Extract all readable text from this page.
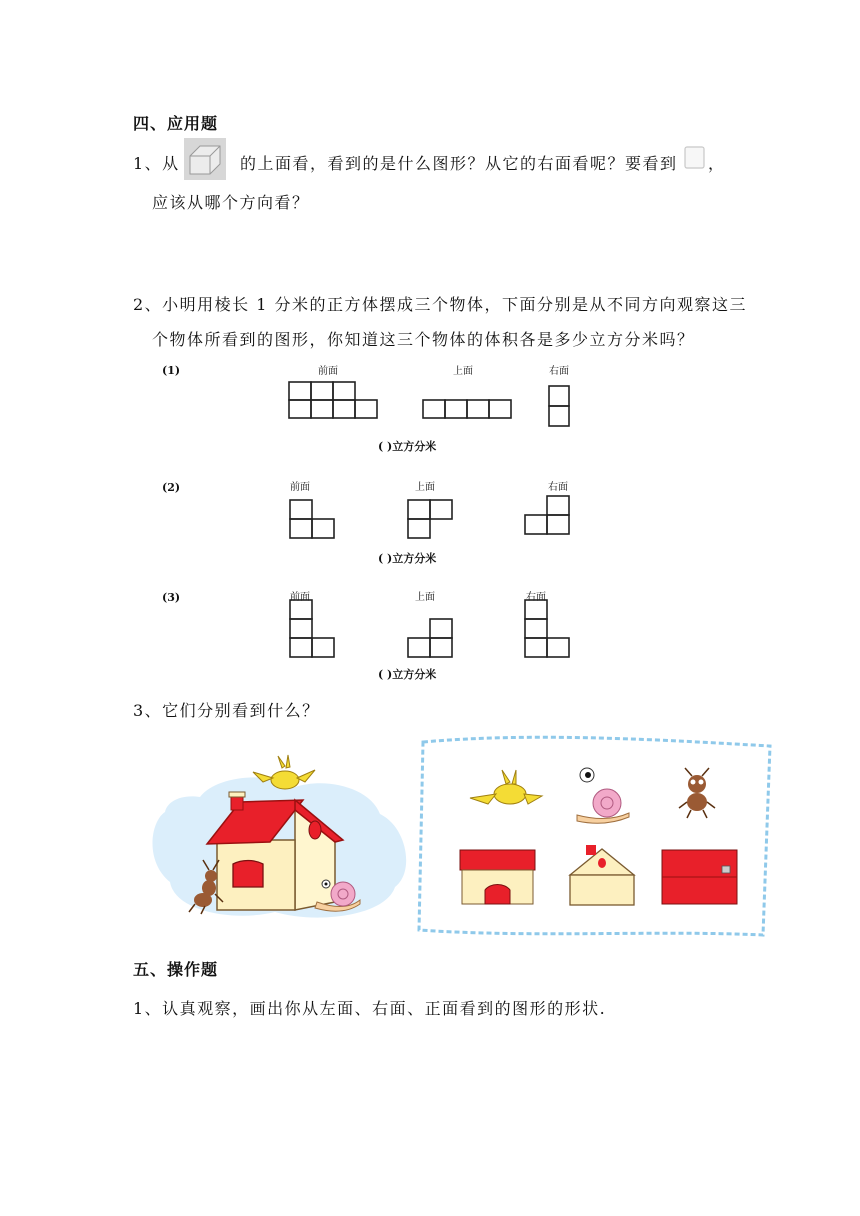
四、应用题
1、从	的上面看，看到的是什么图形？从它的右面看呢？要看到 ，
应该从哪个方向看？
2、小明用棱长 1 分米的正方体摆成三个物体，下面分别是从不同方向观察这三
个物体所看到的图形，你知道这三个物体的体积各是多少立方分米吗？
(1)	前面	上面	右面
( )立方分米
(2)	前面	上面	右面
( )立方分米
(3)	前面	上面	右面
( )立方分米
3、它们分别看到什么？
五、操作题
1、认真观察，画出你从左面、右面、正面看到的图形的形状.
